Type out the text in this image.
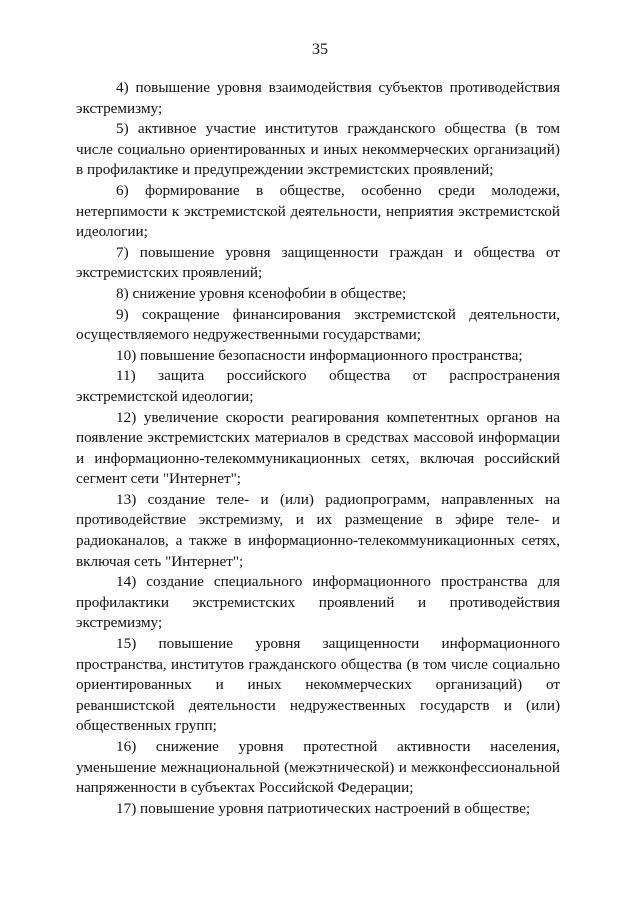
35

4) повышение уровня взаимодействия субъектов противодействия экстремизму;

5) активное участие институтов гражданского общества (в том числе социально ориентированных и иных некоммерческих организаций) в профилактике и предупреждении экстремистских проявлений;

6) формирование в обществе, особенно среди молодежи, нетерпимости к экстремистской деятельности, неприятия экстремистской идеологии;

7) повышение уровня защищенности граждан и общества от экстремистских проявлений;

8) снижение уровня ксенофобии в обществе;

9) сокращение финансирования экстремистской деятельности, осуществляемого недружественными государствами;

10) повышение безопасности информационного пространства;

11) защита российского общества от распространения экстремистской идеологии;

12) увеличение скорости реагирования компетентных органов на появление экстремистских материалов в средствах массовой информации и информационно-телекоммуникационных сетях, включая российский сегмент сети "Интернет";

13) создание теле- и (или) радиопрограмм, направленных на противодействие экстремизму, и их размещение в эфире теле- и радиоканалов, а также в информационно-телекоммуникационных сетях, включая сеть "Интернет";

14) создание специального информационного пространства для профилактики экстремистских проявлений и противодействия экстремизму;

15) повышение уровня защищенности информационного пространства, институтов гражданского общества (в том числе социально ориентированных и иных некоммерческих организаций) от реваншистской деятельности недружественных государств и (или) общественных групп;

16) снижение уровня протестной активности населения, уменьшение межнациональной (межэтнической) и межконфессиональной напряженности в субъектах Российской Федерации;

17) повышение уровня патриотических настроений в обществе;
